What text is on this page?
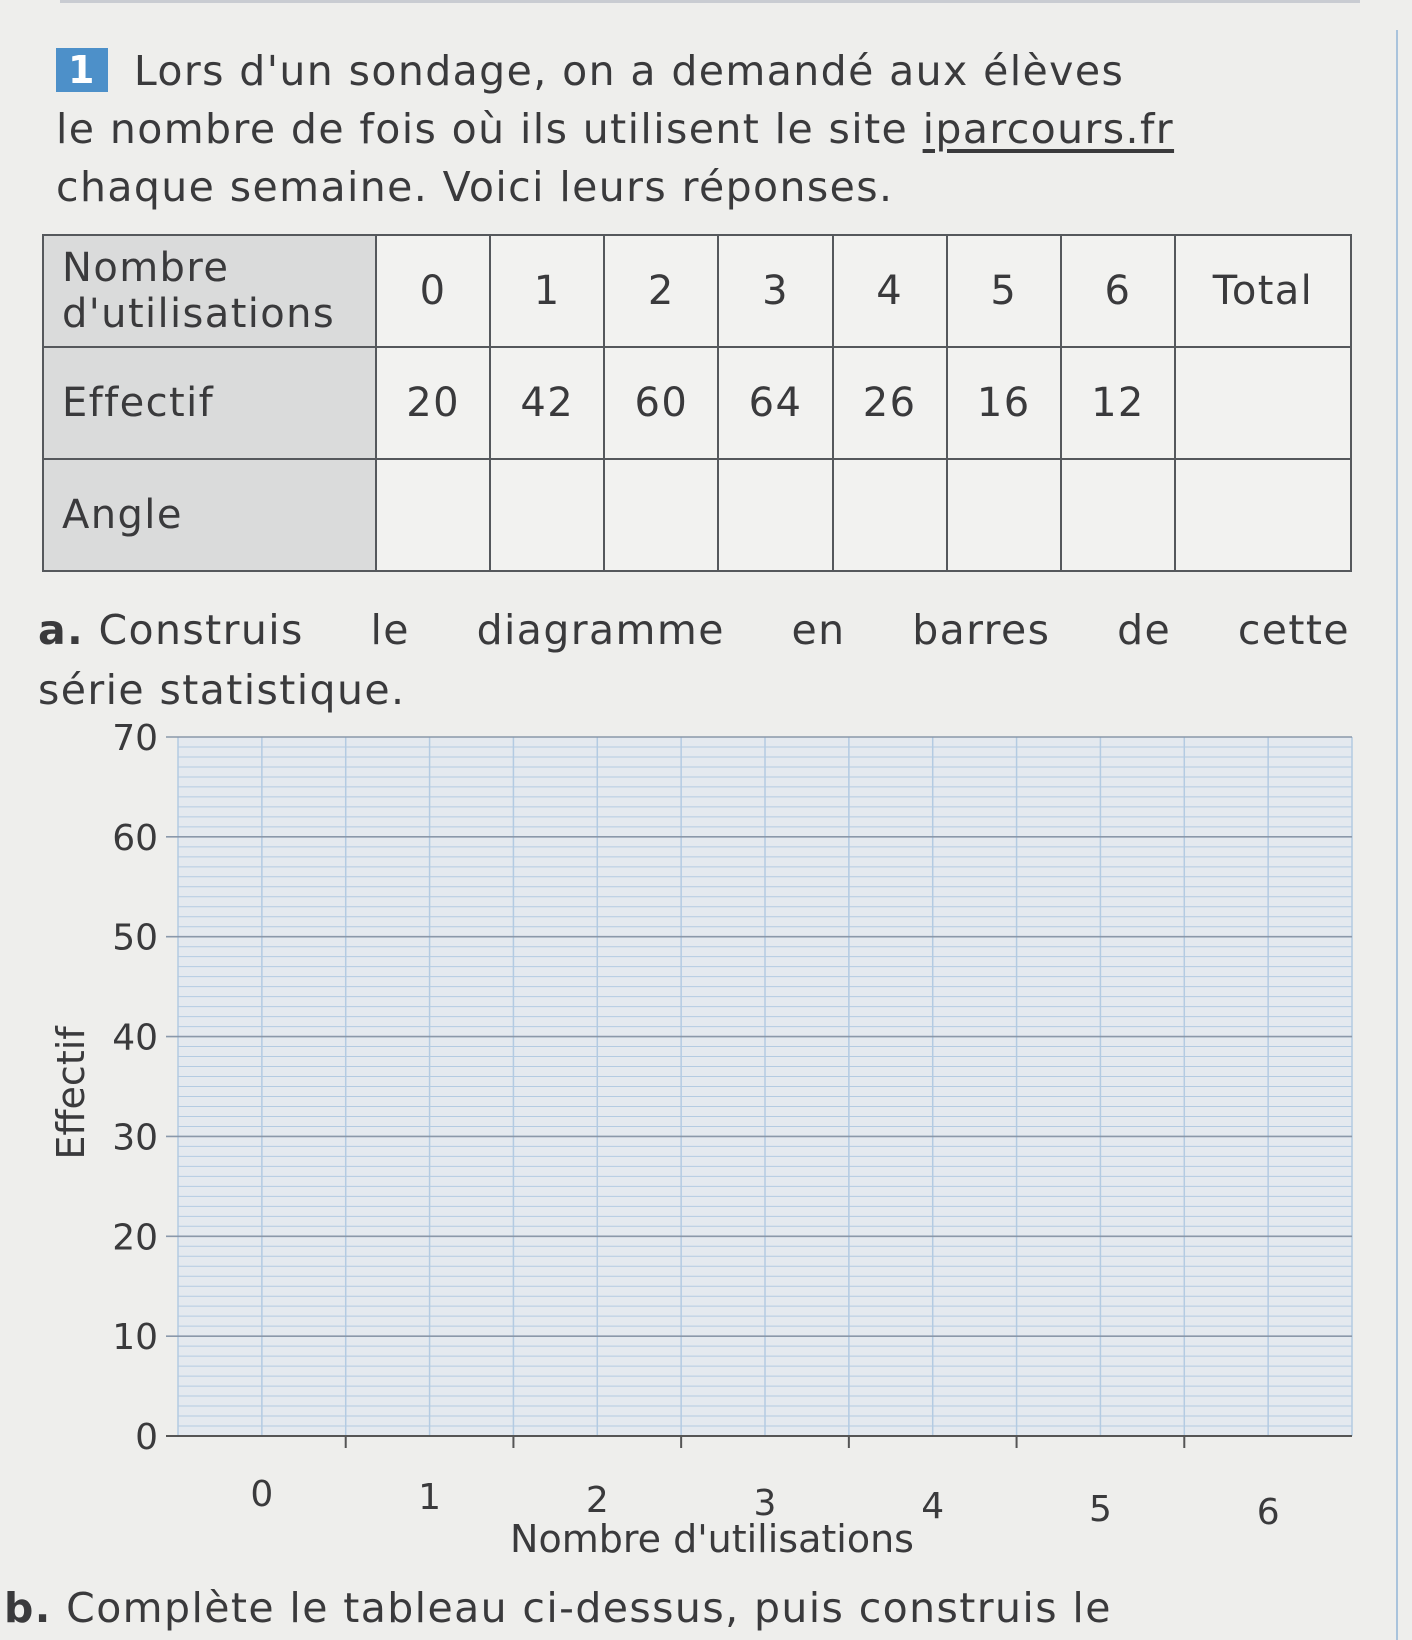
1 Lors d'un sondage, on a demandé aux élèves
le nombre de fois où ils utilisent le site iparcours.fr
chaque semaine. Voici leurs réponses.
Nombre
d'utilisations	0	1	2	3	4	5	6	Total
Effectif	20	42	60	64	26	16	12	
Angle								
a. Construis le diagramme en barres de cette
série statistique.
0
10
20
30
40
50
60
70
0	1	2	3	4	5	6
Nombre d'utilisations
Effectif
b. Complète le tableau ci-dessus, puis construis le
